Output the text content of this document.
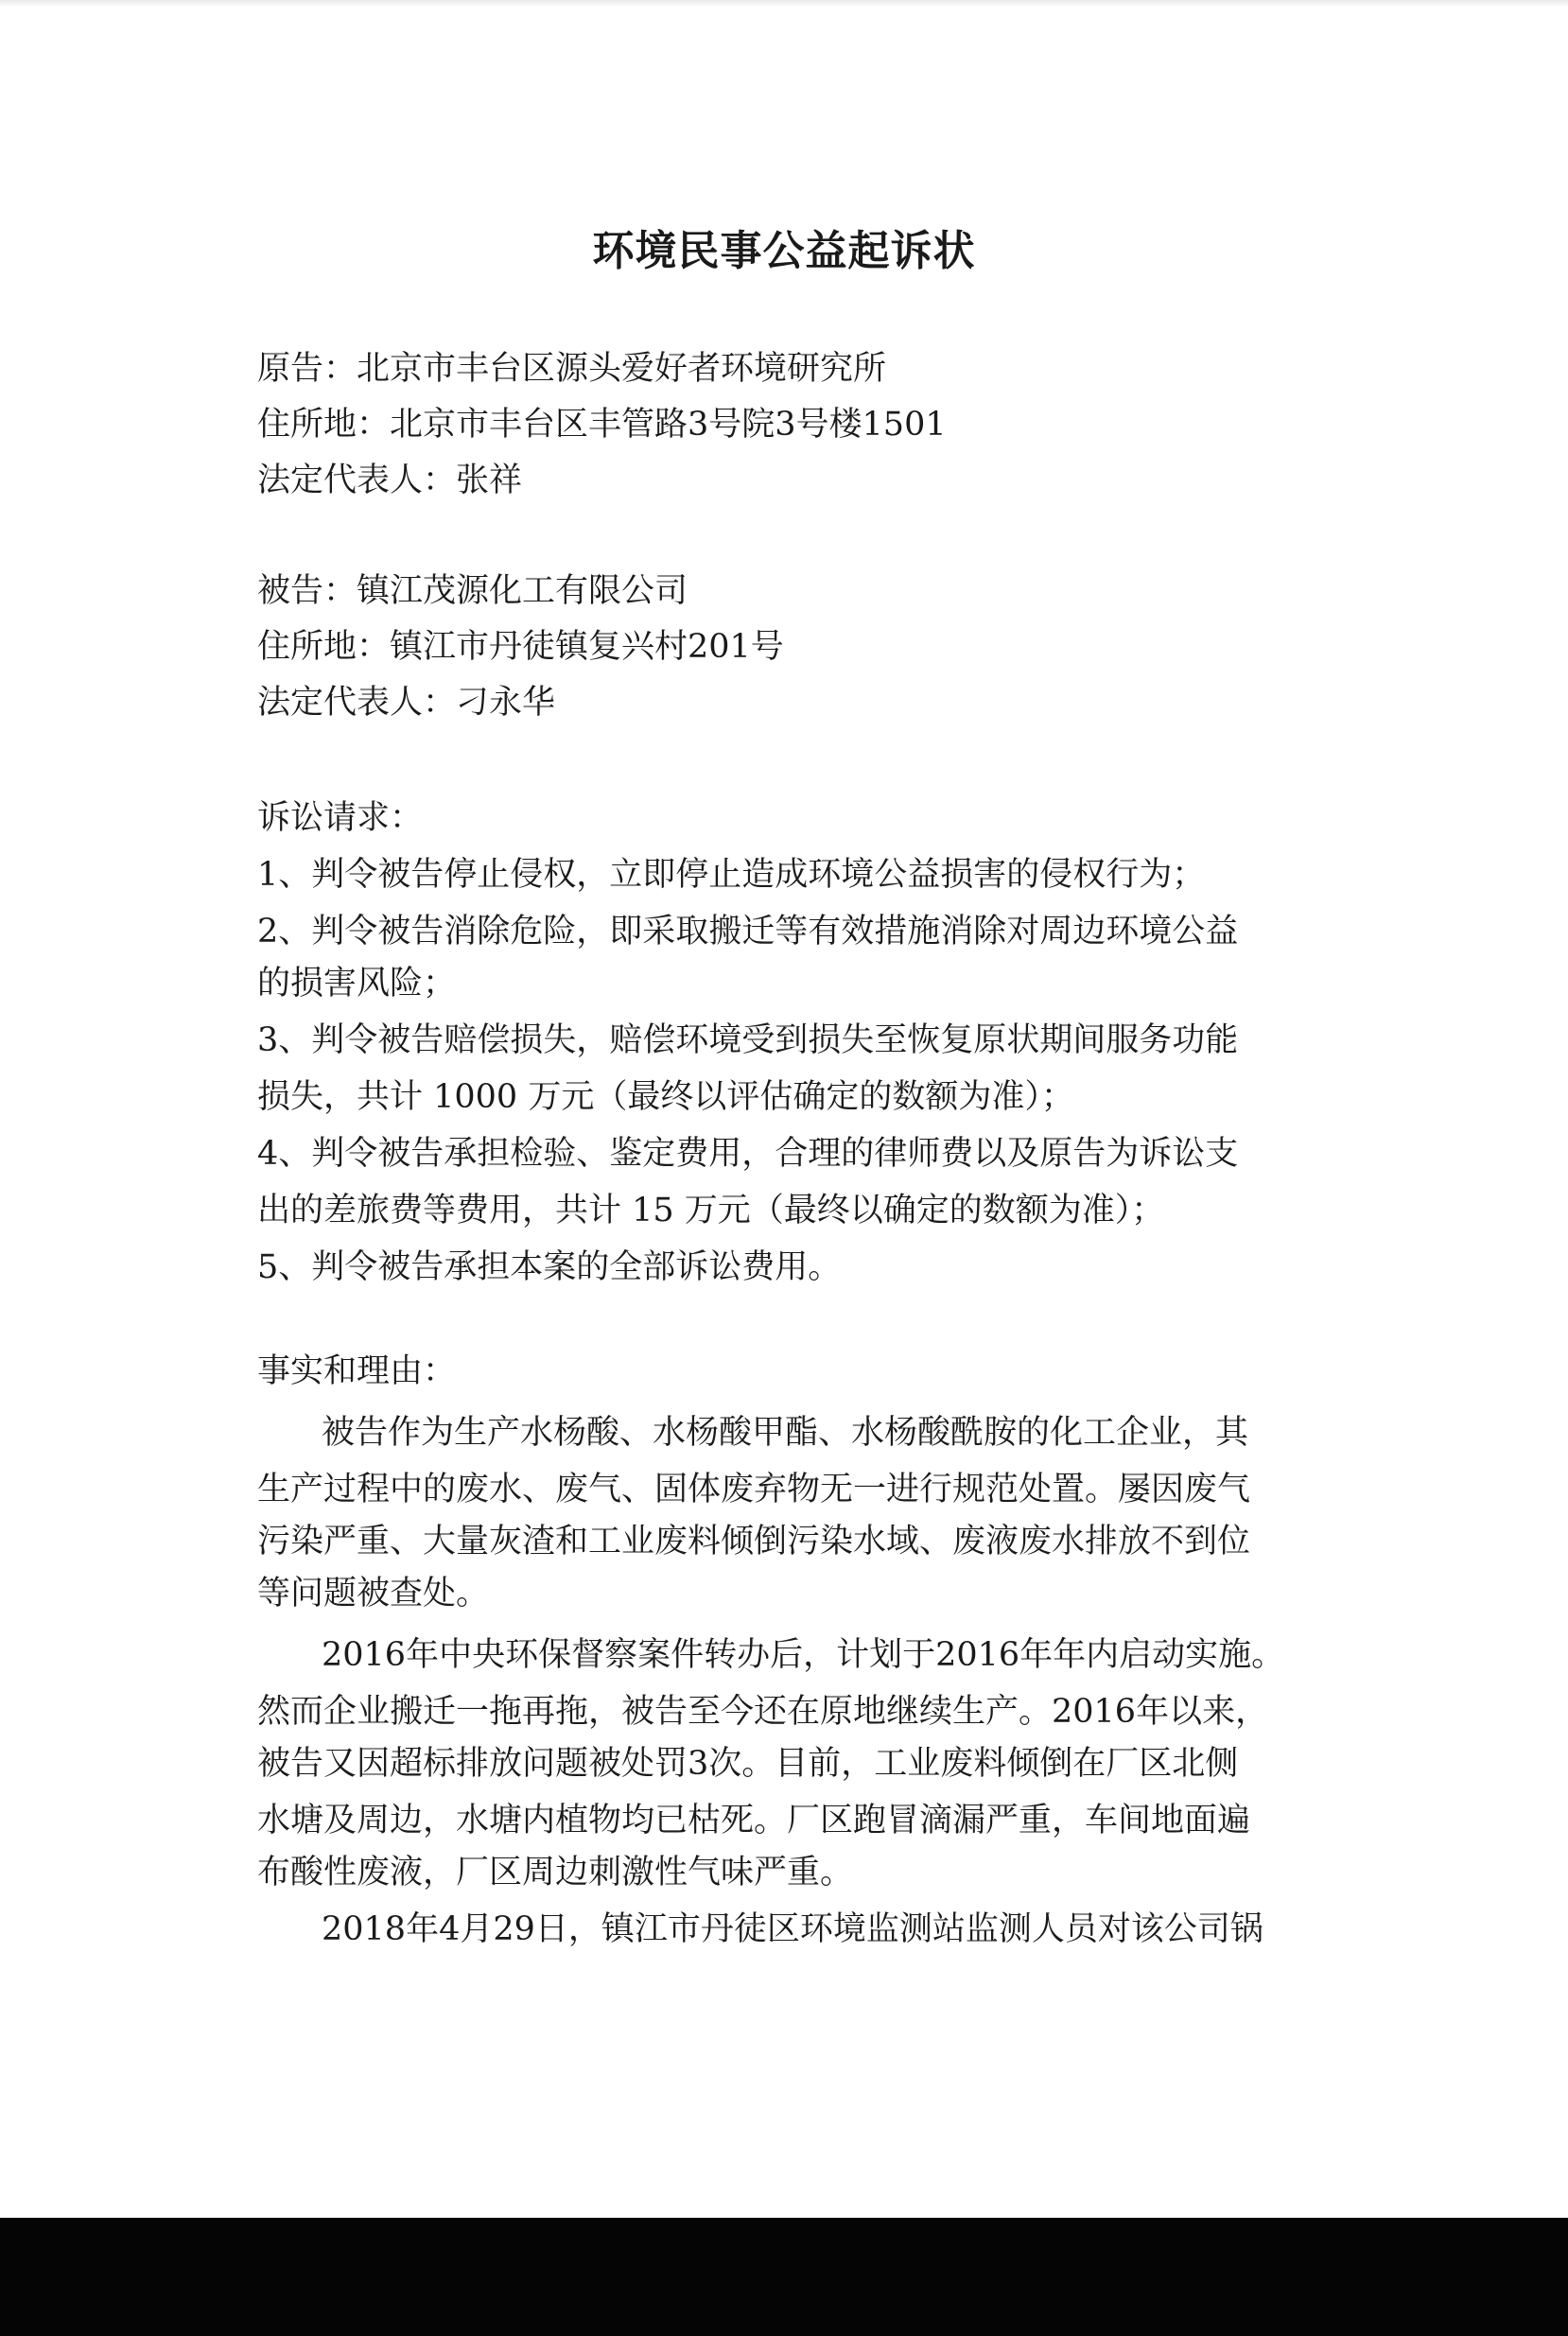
环境民事公益起诉状
原告：北京市丰台区源头爱好者环境研究所
住所地：北京市丰台区丰管路3号院3号楼1501
法定代表人：张祥
被告：镇江茂源化工有限公司
住所地：镇江市丹徒镇复兴村201号
法定代表人：刁永华
诉讼请求：
1、判令被告停止侵权，立即停止造成环境公益损害的侵权行为；
2、判令被告消除危险，即采取搬迁等有效措施消除对周边环境公益
的损害风险；
3、判令被告赔偿损失，赔偿环境受到损失至恢复原状期间服务功能
损失，共计 1000 万元（最终以评估确定的数额为准）；
4、判令被告承担检验、鉴定费用，合理的律师费以及原告为诉讼支
出的差旅费等费用，共计 15 万元（最终以确定的数额为准）；
5、判令被告承担本案的全部诉讼费用。
事实和理由：
被告作为生产水杨酸、水杨酸甲酯、水杨酸酰胺的化工企业，其
生产过程中的废水、废气、固体废弃物无一进行规范处置。屡因废气
污染严重、大量灰渣和工业废料倾倒污染水域、废液废水排放不到位
等问题被查处。
2016年中央环保督察案件转办后，计划于2016年年内启动实施。
然而企业搬迁一拖再拖，被告至今还在原地继续生产。2016年以来，
被告又因超标排放问题被处罚3次。目前，工业废料倾倒在厂区北侧
水塘及周边，水塘内植物均已枯死。厂区跑冒滴漏严重，车间地面遍
布酸性废液，厂区周边刺激性气味严重。
2018年4月29日，镇江市丹徒区环境监测站监测人员对该公司锅
